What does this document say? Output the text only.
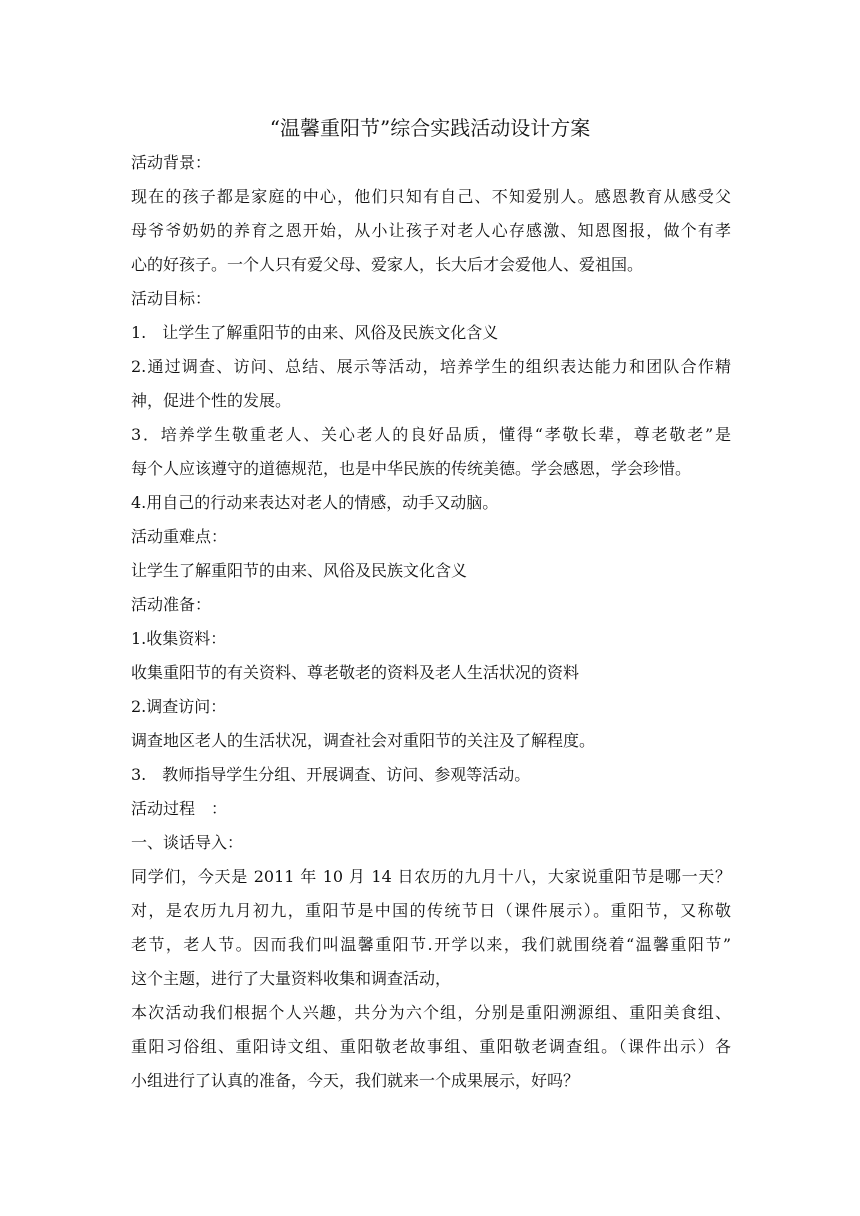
“温馨重阳节”综合实践活动设计方案
活动背景：
现在的孩子都是家庭的中心，他们只知有自己、不知爱别人。感恩教育从感受父
母爷爷奶奶的养育之恩开始，从小让孩子对老人心存感激、知恩图报，做个有孝
心的好孩子。一个人只有爱父母、爱家人，长大后才会爱他人、爱祖国。
活动目标：
1.　让学生了解重阳节的由来、风俗及民族文化含义
2.通过调查、访问、总结、展示等活动，培养学生的组织表达能力和团队合作精
神，促进个性的发展。
3．培养学生敬重老人、关心老人的良好品质，懂得“孝敬长辈，尊老敬老”是
每个人应该遵守的道德规范，也是中华民族的传统美德。学会感恩，学会珍惜。
4.用自己的行动来表达对老人的情感，动手又动脑。
活动重难点：
让学生了解重阳节的由来、风俗及民族文化含义
活动准备：
1.收集资料：
收集重阳节的有关资料、尊老敬老的资料及老人生活状况的资料
2.调查访问：
调查地区老人的生活状况，调查社会对重阳节的关注及了解程度。
3.　教师指导学生分组、开展调查、访问、参观等活动。
活动过程　：
一、谈话导入：
同学们，今天是 2011 年 10 月 14 日农历的九月十八，大家说重阳节是哪一天？
对，是农历九月初九，重阳节是中国的传统节日（课件展示）。重阳节，又称敬
老节，老人节。因而我们叫温馨重阳节.开学以来，我们就围绕着“温馨重阳节”
这个主题，进行了大量资料收集和调查活动，
本次活动我们根据个人兴趣，共分为六个组，分别是重阳溯源组、重阳美食组、
重阳习俗组、重阳诗文组、重阳敬老故事组、重阳敬老调查组。（课件出示）各
小组进行了认真的准备，今天，我们就来一个成果展示，好吗？
